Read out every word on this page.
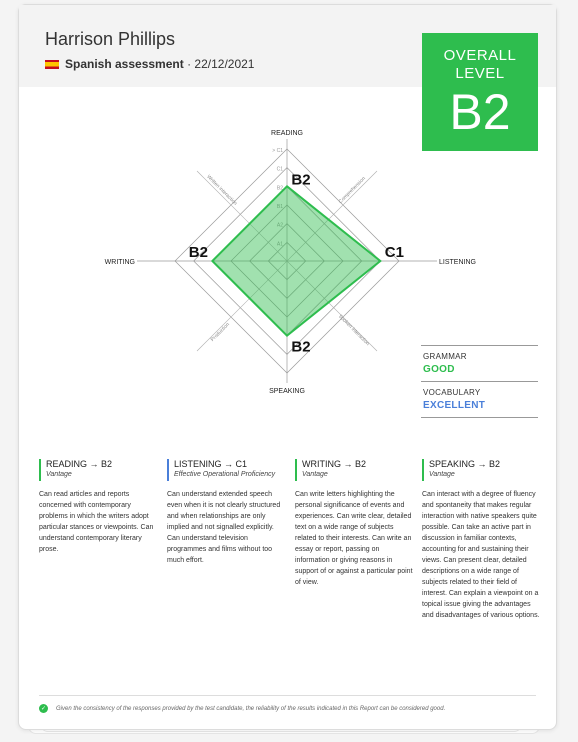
Harrison Phillips
Spanish assessment
· 22/12/2021	OVERALL LEVEL
B2
A1
A2
B1
B2
C1
> C1
READING
LISTENING
SPEAKING
WRITING
B2
C1
B2
B2
Comprehension
Spoken interaction
Production
Written interaction
GRAMMAR
GOOD
VOCABULARY
EXCELLENT
READING → B2
Vantage
Can read articles and reports concerned with contemporary problems in which the writers adopt particular stances or viewpoints. Can understand contemporary literary prose.
LISTENING → C1
Effective Operational Proficiency
Can understand extended speech even when it is not clearly structured and when relationships are only implied and not signalled explicitly. Can understand television programmes and films without too much effort.
WRITING → B2
Vantage
Can write letters highlighting the personal significance of events and experiences. Can write clear, detailed text on a wide range of subjects related to their interests. Can write an essay or report, passing on information or giving reasons in support of or against a particular point of view.
SPEAKING → B2
Vantage
Can interact with a degree of fluency and spontaneity that makes regular interaction with native speakers quite possible. Can take an active part in discussion in familiar contexts, accounting for and sustaining their views. Can present clear, detailed descriptions on a wide range of subjects related to their field of interest. Can explain a viewpoint on a topical issue giving the advantages and disadvantages of various options.
✓	Given the consistency of the responses provided by the test candidate, the reliability of the results indicated in this Report can be considered good.
